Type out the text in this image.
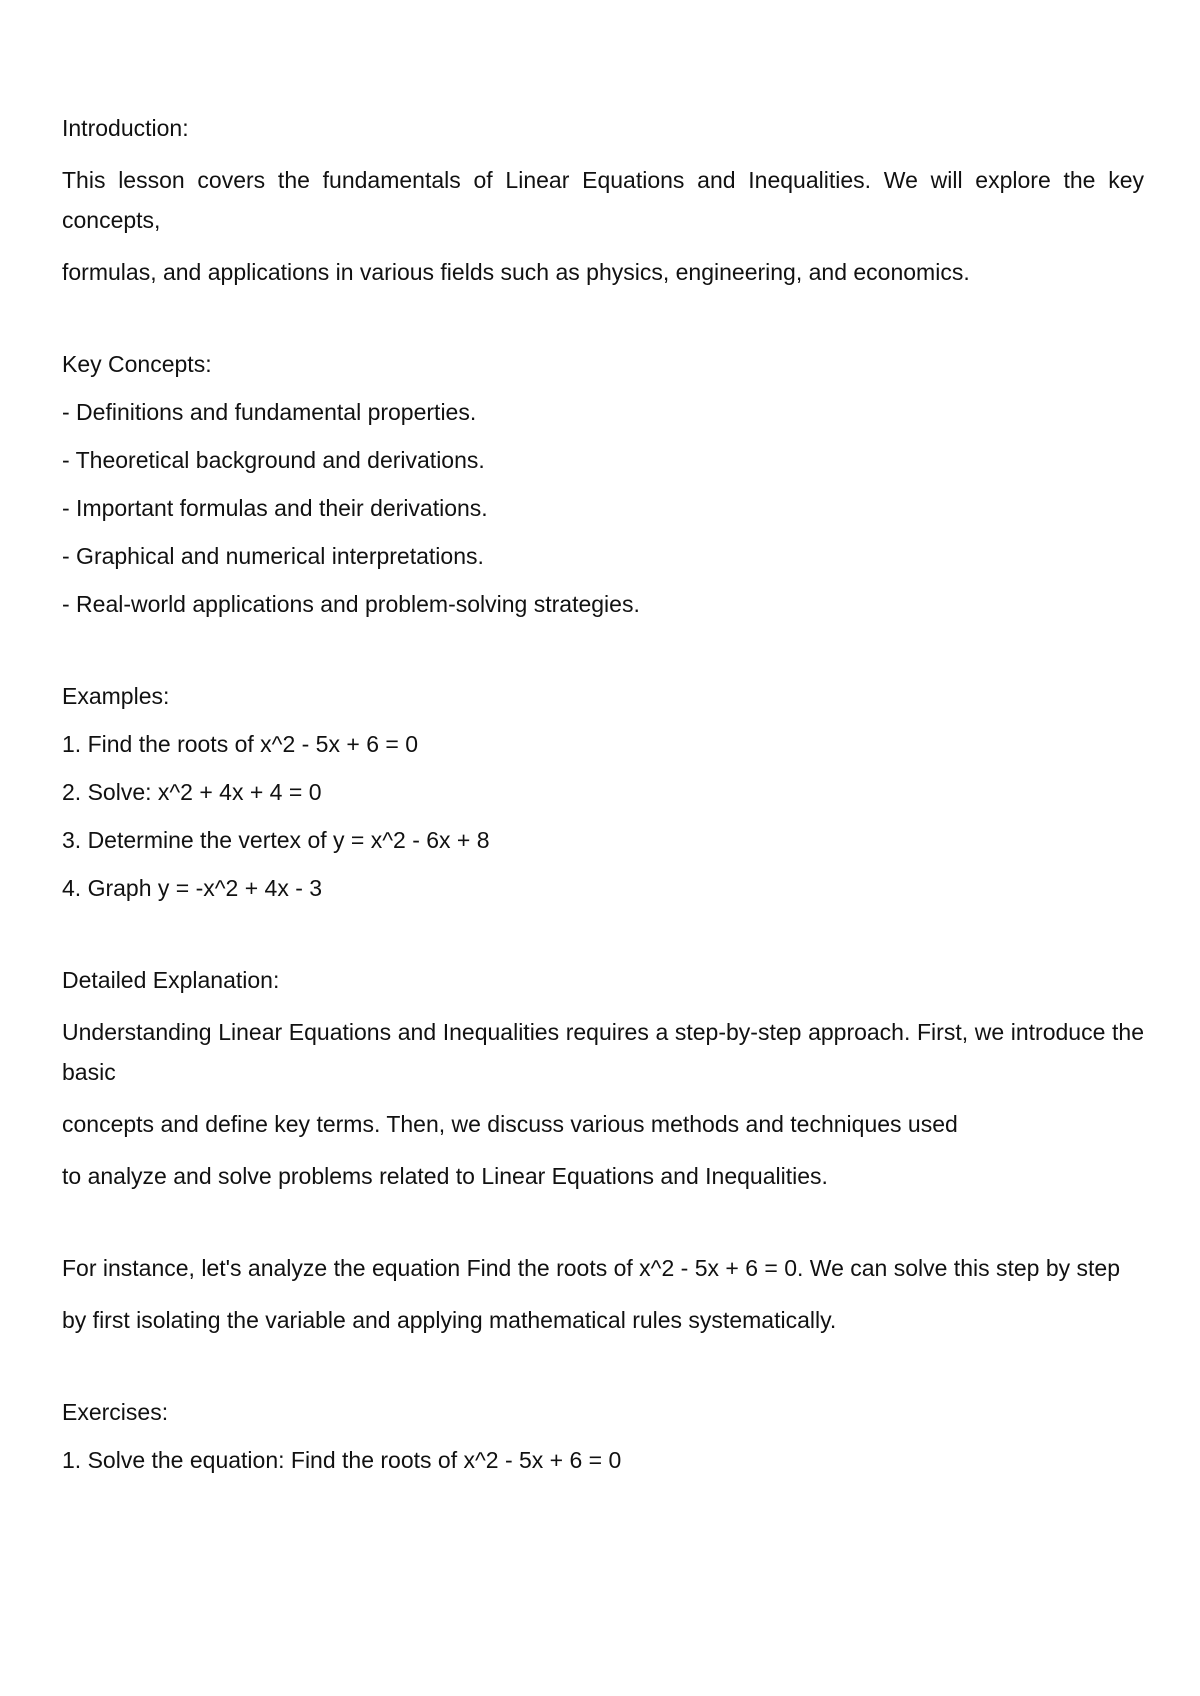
Introduction:

This lesson covers the fundamentals of Linear Equations and Inequalities. We will explore the key concepts,

formulas, and applications in various fields such as physics, engineering, and economics.

Key Concepts:

- Definitions and fundamental properties.

- Theoretical background and derivations.

- Important formulas and their derivations.

- Graphical and numerical interpretations.

- Real-world applications and problem-solving strategies.

Examples:

1. Find the roots of x^2 - 5x + 6 = 0

2. Solve: x^2 + 4x + 4 = 0

3. Determine the vertex of y = x^2 - 6x + 8

4. Graph y = -x^2 + 4x - 3

Detailed Explanation:

Understanding Linear Equations and Inequalities requires a step-by-step approach. First, we introduce the basic

concepts and define key terms. Then, we discuss various methods and techniques used

to analyze and solve problems related to Linear Equations and Inequalities.

For instance, let's analyze the equation Find the roots of x^2 - 5x + 6 = 0. We can solve this step by step

by first isolating the variable and applying mathematical rules systematically.

Exercises:

1. Solve the equation: Find the roots of x^2 - 5x + 6 = 0
